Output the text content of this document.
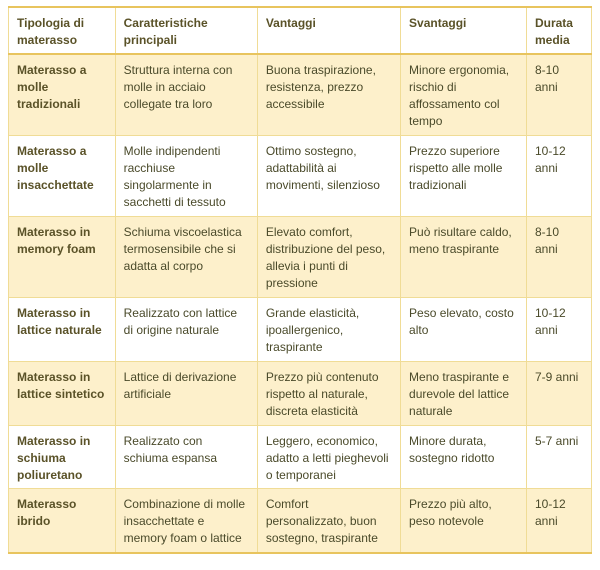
Tipologia di materasso	Caratteristiche principali	Vantaggi	Svantaggi	Durata media
Materasso a molle tradizionali	Struttura interna con molle in acciaio collegate tra loro	Buona traspirazione, resistenza, prezzo accessibile	Minore ergonomia, rischio di affossamento col tempo	8-10 anni
Materasso a molle insacchettate	Molle indipendenti racchiuse singolarmente in sacchetti di tessuto	Ottimo sostegno, adattabilità ai movimenti, silenzioso	Prezzo superiore rispetto alle molle tradizionali	10-12 anni
Materasso in memory foam	Schiuma viscoelastica termosensibile che si adatta al corpo	Elevato comfort, distribuzione del peso, allevia i punti di pressione	Può risultare caldo, meno traspirante	8-10 anni
Materasso in lattice naturale	Realizzato con lattice di origine naturale	Grande elasticità, ipoallergenico, traspirante	Peso elevato, costo alto	10-12 anni
Materasso in lattice sintetico	Lattice di derivazione artificiale	Prezzo più contenuto rispetto al naturale, discreta elasticità	Meno traspirante e durevole del lattice naturale	7-9 anni
Materasso in schiuma poliuretano	Realizzato con schiuma espansa	Leggero, economico, adatto a letti pieghevoli o temporanei	Minore durata, sostegno ridotto	5-7 anni
Materasso ibrido	Combinazione di molle insacchettate e memory foam o lattice	Comfort personalizzato, buon sostegno, traspirante	Prezzo più alto, peso notevole	10-12 anni
